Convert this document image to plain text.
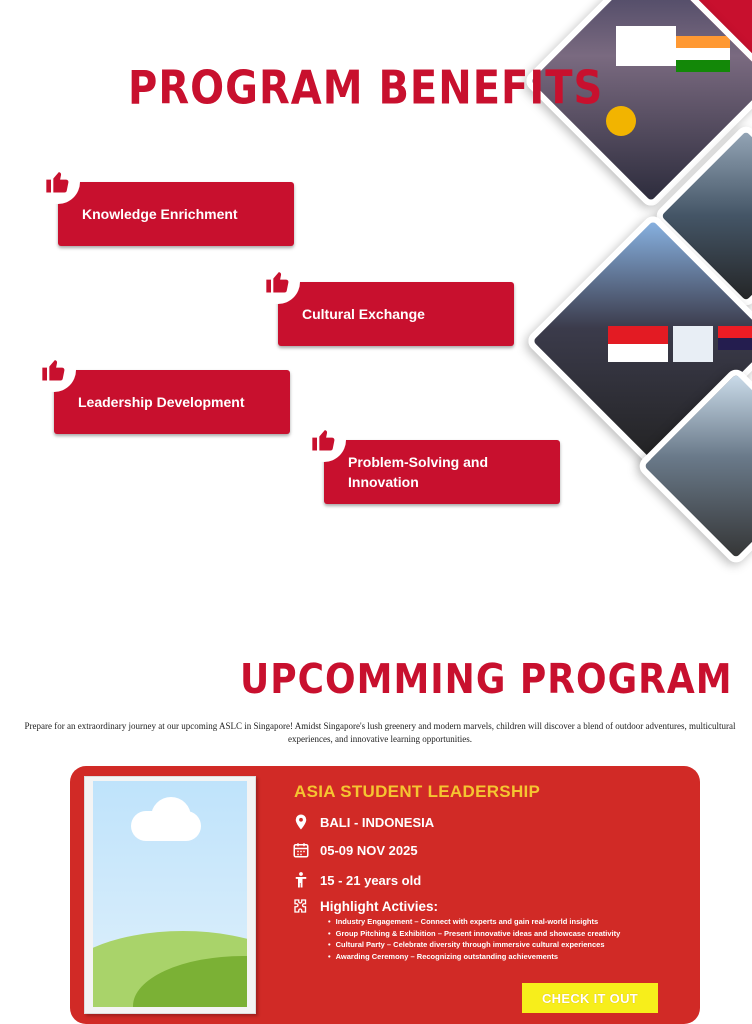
PROGRAM BENEFITS
Knowledge Enrichment
Cultural Exchange
Leadership Development
Problem-Solving and Innovation
UPCOMMING PROGRAM
Prepare for an extraordinary journey at our upcoming ASLC in Singapore! Amidst Singapore's lush greenery and modern marvels, children will discover a blend of outdoor adventures, multicultural experiences, and innovative learning opportunities.
ASIA STUDENT LEADERSHIP
BALI - INDONESIA
05-09 NOV 2025
15 - 21 years old
Highlight Activies:
• Industry Engagement – Connect with experts and gain real-world insights
• Group Pitching & Exhibition – Present innovative ideas and showcase creativity
• Cultural Party – Celebrate diversity through immersive cultural experiences
• Awarding Ceremony – Recognizing outstanding achievements
CHECK IT OUT
